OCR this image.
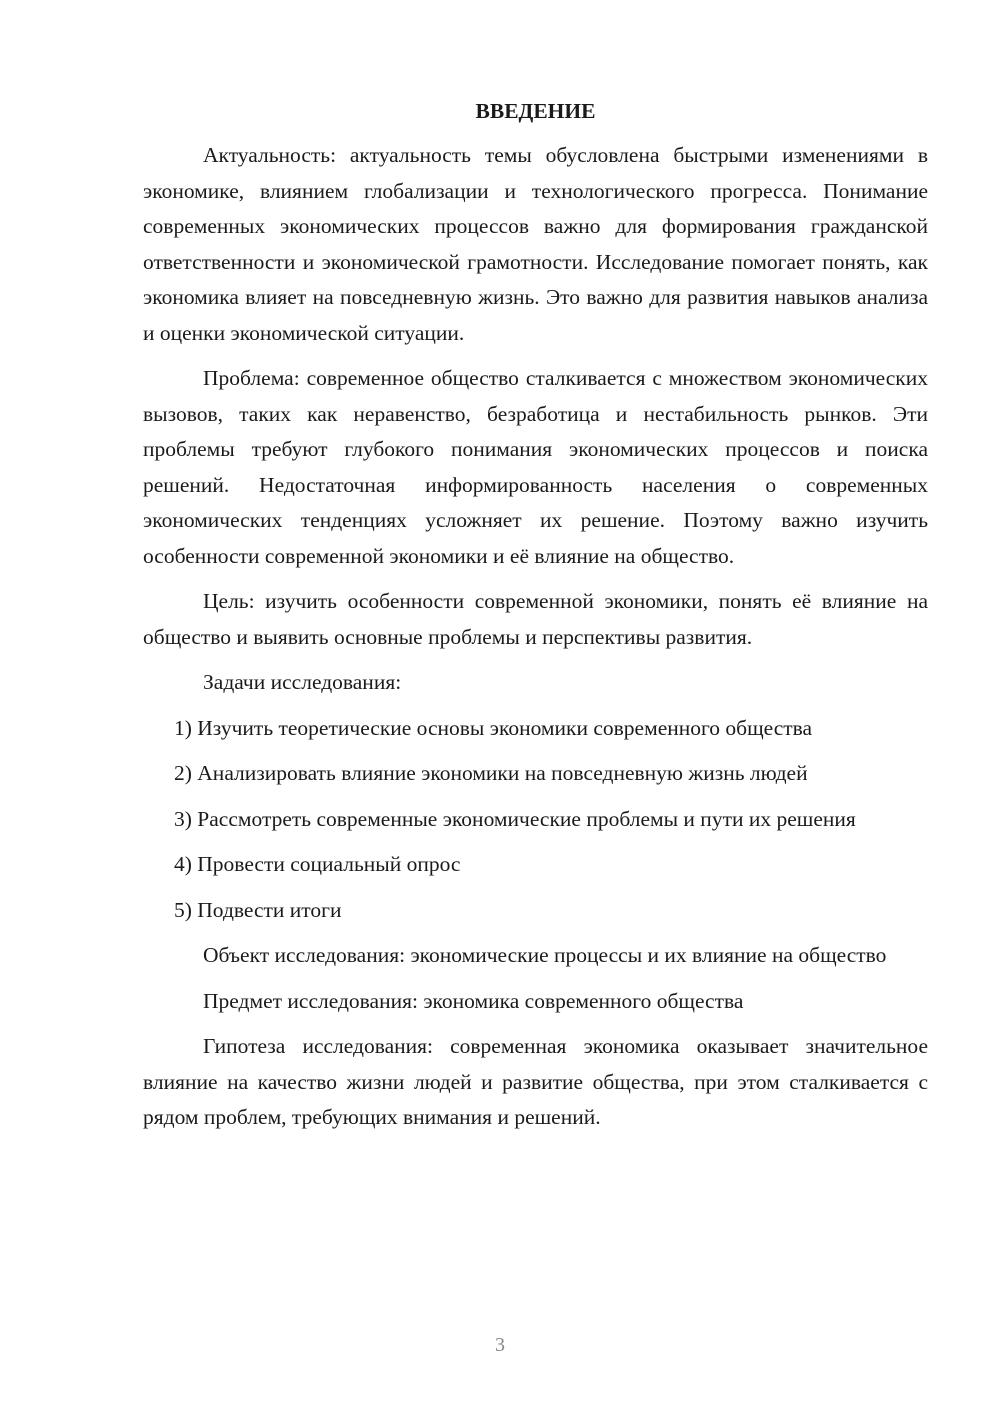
ВВЕДЕНИЕ

Актуальность: актуальность темы обусловлена быстрыми изменениями в экономике, влиянием глобализации и технологического прогресса. Понимание современных экономических процессов важно для формирования гражданской ответственности и экономической грамотности. Исследование помогает понять, как экономика влияет на повседневную жизнь. Это важно для развития навыков анализа и оценки экономической ситуации.

Проблема: современное общество сталкивается с множеством экономических вызовов, таких как неравенство, безработица и нестабильность рынков. Эти проблемы требуют глубокого понимания экономических процессов и поиска решений. Недостаточная информированность населения о современных экономических тенденциях усложняет их решение. Поэтому важно изучить особенности современной экономики и её влияние на общество.

Цель: изучить особенности современной экономики, понять её влияние на общество и выявить основные проблемы и перспективы развития.

Задачи исследования:

1) Изучить теоретические основы экономики современного общества

2) Анализировать влияние экономики на повседневную жизнь людей

3) Рассмотреть современные экономические проблемы и пути их решения

4) Провести социальный опрос

5) Подвести итоги

Объект исследования: экономические процессы и их влияние на общество

Предмет исследования: экономика современного общества

Гипотеза исследования: современная экономика оказывает значительное влияние на качество жизни людей и развитие общества, при этом сталкивается с рядом проблем, требующих внимания и решений.

3
